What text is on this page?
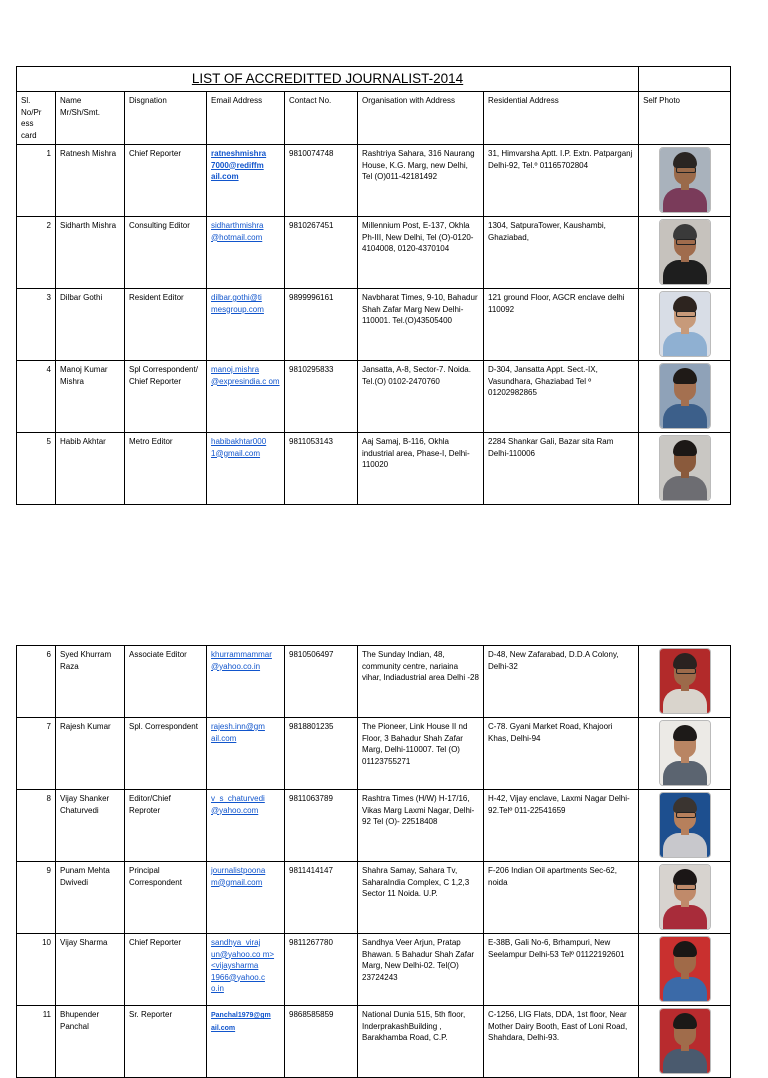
LIST OF ACCREDITTED JOURNALIST-2014							
Sl. No/Pr ess card	Name Mr/Sh/Smt.	Disgnation	Email Address	Contact No.	Organisation with Address	Residential Address	Self Photo
1	Ratnesh Mishra	Chief Reporter	ratneshmishra 7000@rediffm ail.com	9810074748	Rashtriya Sahara, 316 Naurang House, K.G. Marg, new Delhi, Tel (O)011-42181492	31, Himvarsha Aptt. I.P. Extn. Patparganj Delhi-92, Tel.º 01165702804	

2	Sidharth Mishra	Consulting Editor	sidharthmishra @hotmail.com	9810267451	Millennium Post, E-137, Okhla Ph-III, New Delhi, Tel (O)-0120-4104008, 0120-4370104	1304, SatpuraTower, Kaushambi, Ghaziabad,	

3	Dilbar Gothi	Resident Editor	dilbar.gothi@ti mesgroup.com	9899996161	Navbharat Times, 9-10, Bahadur Shah Zafar Marg New Delhi-110001. Tel.(O)43505400	121 ground Floor, AGCR enclave delhi 110092	

4	Manoj Kumar Mishra	Spl Correspondent/ Chief Reporter	manoj.mishra @expresindia.c om	9810295833	Jansatta, A-8, Sector-7. Noida. Tel.(O) 0102-2470760	D-304, Jansatta Appt. Sect.-IX, Vasundhara, Ghaziabad Tel º 01202982865	

5	Habib Akhtar	Metro Editor	habibakhtar000 1@gmail.com	9811053143	Aaj Samaj, B-116, Okhla industrial area, Phase-I, Delhi-110020	2284 Shankar Gali, Bazar sita Ram Delhi-110006	
6	Syed Khurram Raza	Associate Editor	khurrammammar @yahoo.co.in	9810506497	The Sunday Indian, 48, community centre, nariaina vihar, Indiadustrial area Delhi -28	D-48, New Zafarabad, D.D.A Colony, Delhi-32	

7	Rajesh Kumar	Spl. Correspondent	rajesh.inn@gm ail.com	9818801235	The Pioneer, Link House II nd Floor, 3 Bahadur Shah Zafar Marg, Delhi-110007. Tel (O) 01123755271	C-78. Gyani Market Road, Khajoori Khas, Delhi-94	

8	Vijay Shanker Chaturvedi	Editor/Chief Reproter	v_s_chaturvedi @yahoo.com	9811063789	Rashtra Times (H/W) H-17/16, Vikas Marg Laxmi Nagar, Delhi-92 Tel (O)- 22518408	H-42, Vijay enclave, Laxmi Nagar Delhi-92.Telº 011-22541659	

9	Punam Mehta Dwivedi	Principal Correspondent	journalistpoona m@gmail.com	9811414147	Shahra Samay, Sahara Tv, SaharaIndia Complex, C 1,2,3 Sector 11 Noida. U.P.	F-206 Indian Oil apartments Sec-62, noida	

10	Vijay Sharma	Chief Reporter	sandhya_viraj un@yahoo.co m> <vijaysharma 1966@yahoo.c o.in	9811267780	Sandhya Veer Arjun, Pratap Bhawan. 5 Bahadur Shah Zafar Marg, New Delhi-02. Tel(O) 23724243	E-38B, Gali No-6, Brhampuri, New Seelampur Delhi-53 Telº 01122192601	

11	Bhupender Panchal	Sr. Reporter	Panchal1979@gm ail.com	9868585859	National Dunia 515, 5th floor, InderprakashBuilding , Barakhamba Road, C.P.	C-1256, LIG Flats, DDA, 1st floor, Near Mother Dairy Booth, East of Loni Road, Shahdara, Delhi-93.	
